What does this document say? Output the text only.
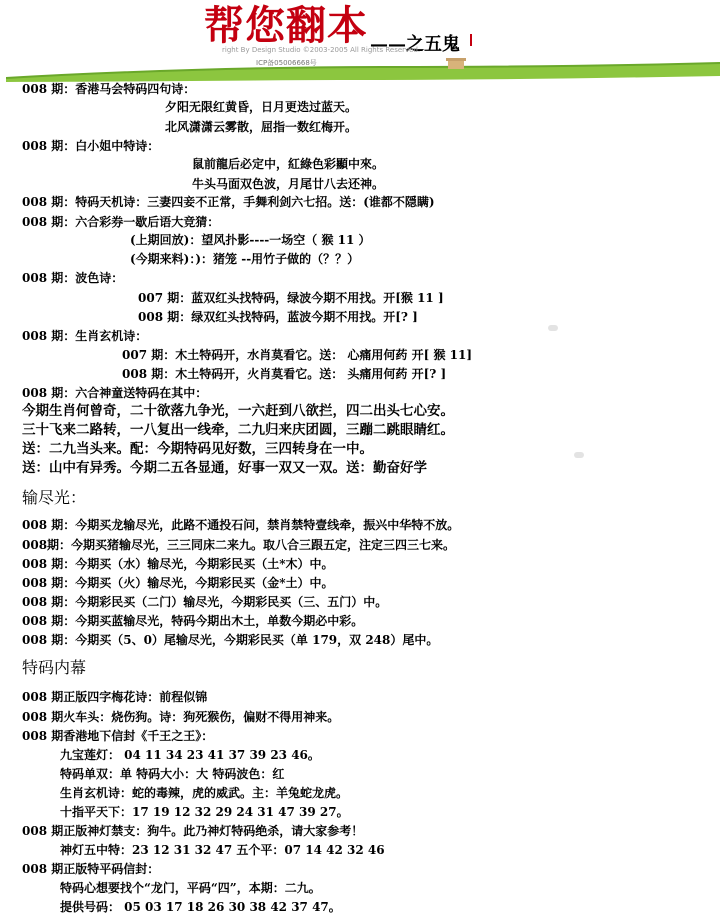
帮您翻本 ——之五鬼
right By Design Studio ©2003-2005 All Rights Reserved.
ICP备05006668号
008 期：香港马会特码四句诗：
夕阳无限红黄昏，日月更迭过蓝天。
北风潇潇云雾散，屈指一数红梅开。
008 期：白小姐中特诗：
鼠前龍后必定中，紅綠色彩顯中來。
牛头马面双色波，月尾廿八去还神。
008 期：特码天机诗：三妻四妾不正常，手舞利剑六七招。送：(谁都不隠瞒)
008 期：六合彩券一歇后语大竞猜：
(上期回放)：望风扑影----一场空（ 猴 11 ）
(今期来料)：)：猪笼 --用竹子做的（？？）
008 期：波色诗：
007 期：蓝双红头找特码，绿波今期不用找。开[猴 11 ]
008 期：绿双红头找特码，蓝波今期不用找。开[? ]
008 期：生肖玄机诗：
007 期：木土特码开，水肖莫看它。送： 心痛用何药 开[ 猴 11]
008 期：木土特码开，火肖莫看它。送： 头痛用何药 开[? ]
008 期：六合神童送特码在其中：
今期生肖何曾奇，二十欲落九争光，一六赶到八欲拦，四二出头七心安。
三十飞来二路转，一八复出一线牵，二九归来庆团圆，三蹦二跳眼睛红。
送：二九当头来。配：今期特码见好数，三四转身在一中。
送：山中有异秀。今期二五各显通，好事一双又一双。送：勤奋好学
输尽光：
008 期：今期买龙输尽光，此路不通投石问，禁肖禁特壹线牵，振兴中华特不放。
008期：今期买猪输尽光，三三同床二来九。取八合三跟五定，注定三四三七来。
008 期：今期买（水）输尽光，今期彩民买（土*木）中。
008 期：今期买（火）输尽光，今期彩民买（金*土）中。
008 期：今期彩民买（二门）输尽光，今期彩民买（三、五门）中。
008 期：今期买蓝输尽光，特码今期出木土，单数今期必中彩。
008 期：今期买（5、0）尾输尽光，今期彩民买（单 179，双 248）尾中。
特码内幕
008 期正版四字梅花诗：前程似锦
008 期火车头：烧伤狗。诗：狗死猴伤，偏财不得用神来。
008 期香港地下信封《千王之王》：
九宝莲灯： 04 11 34 23 41 37 39 23 46。
特码单双：单 特码大小：大 特码波色：红
生肖玄机诗：蛇的毒辣，虎的威武。主：羊兔蛇龙虎。
十指平天下：17 19 12 32 29 24 31 47 39 27。
008 期正版神灯禁支：狗牛。此乃神灯特码绝杀，请大家参考！
神灯五中特：23 12 31 32 47 五个平：07 14 42 32 46
008 期正版特平码信封：
特码心想要找个“龙门，平码“四”，本期：二九。
提供号码： 05 03 17 18 26 30 38 42 37 47。
